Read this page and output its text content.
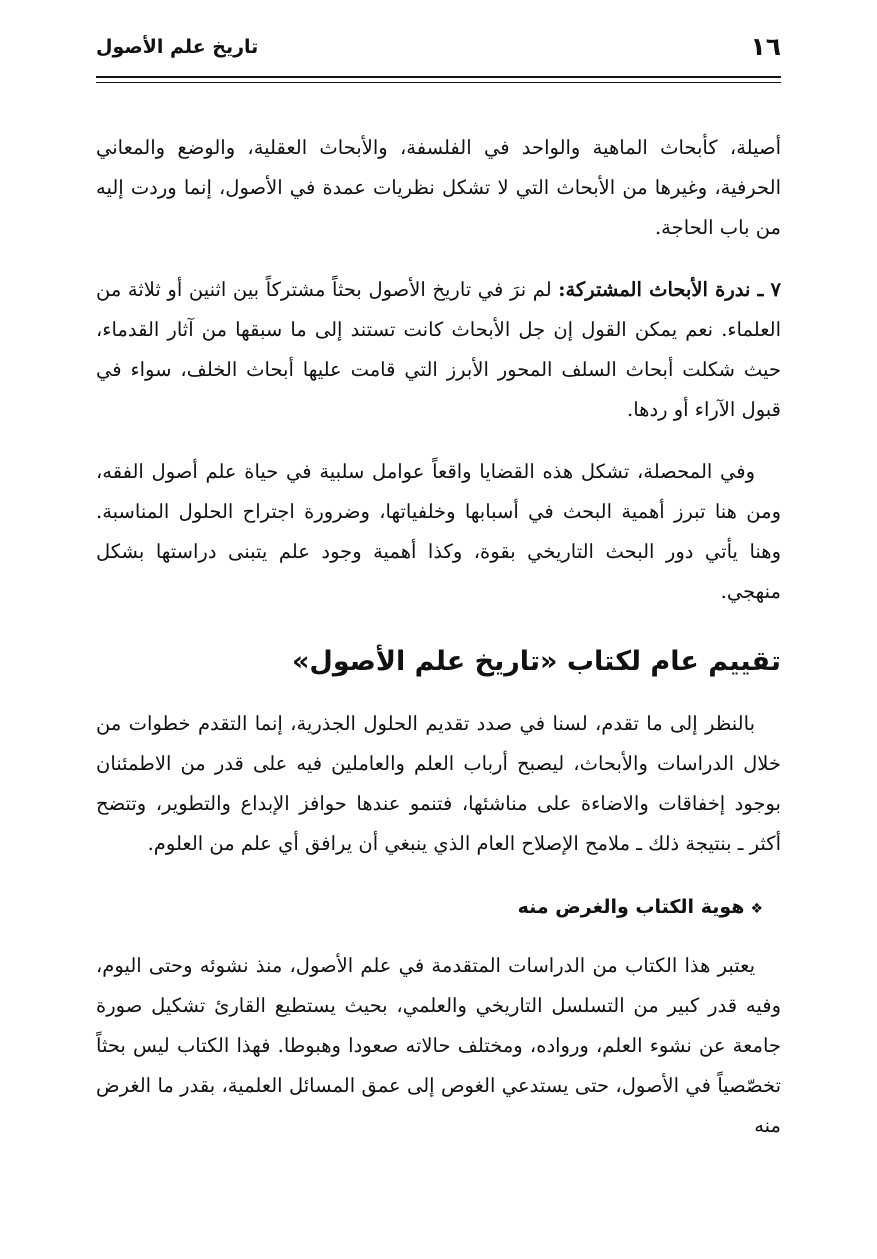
١٦
تاريخ علم الأصول

أصيلة، كأبحاث الماهية والواحد في الفلسفة، والأبحاث العقلية، والوضع والمعاني الحرفية، وغيرها من الأبحاث التي لا تشكل نظريات عمدة في الأصول، إنما وردت إليه من باب الحاجة.

٧ ـ ندرة الأبحاث المشتركة: لم نرَ في تاريخ الأصول بحثاً مشتركاً بين اثنين أو ثلاثة من العلماء. نعم يمكن القول إن جل الأبحاث كانت تستند إلى ما سبقها من آثار القدماء، حيث شكلت أبحاث السلف المحور الأبرز التي قامت عليها أبحاث الخلف، سواء في قبول الآراء أو ردها.

وفي المحصلة، تشكل هذه القضايا واقعاً عوامل سلبية في حياة علم أصول الفقه، ومن هنا تبرز أهمية البحث في أسبابها وخلفياتها، وضرورة اجتراح الحلول المناسبة. وهنا يأتي دور البحث التاريخي بقوة، وكذا أهمية وجود علم يتبنى دراستها بشكل منهجي.

تقييم عام لكتاب «تاريخ علم الأصول»

بالنظر إلى ما تقدم، لسنا في صدد تقديم الحلول الجذرية، إنما التقدم خطوات من خلال الدراسات والأبحاث، ليصبح أرباب العلم والعاملين فيه على قدر من الاطمئنان بوجود إخفاقات والاضاءة على مناشئها، فتنمو عندها حوافز الإبداع والتطوير، وتتضح أكثر ـ بنتيجة ذلك ـ ملامح الإصلاح العام الذي ينبغي أن يرافق أي علم من العلوم.

❖هوية الكتاب والغرض منه

يعتبر هذا الكتاب من الدراسات المتقدمة في علم الأصول، منذ نشوئه وحتى اليوم، وفيه قدر كبير من التسلسل التاريخي والعلمي، بحيث يستطيع القارئ تشكيل صورة جامعة عن نشوء العلم، ورواده، ومختلف حالاته صعودا وهبوطا. فهذا الكتاب ليس بحثاً تخصّصياً في الأصول، حتى يستدعي الغوص إلى عمق المسائل العلمية، بقدر ما الغرض منه
